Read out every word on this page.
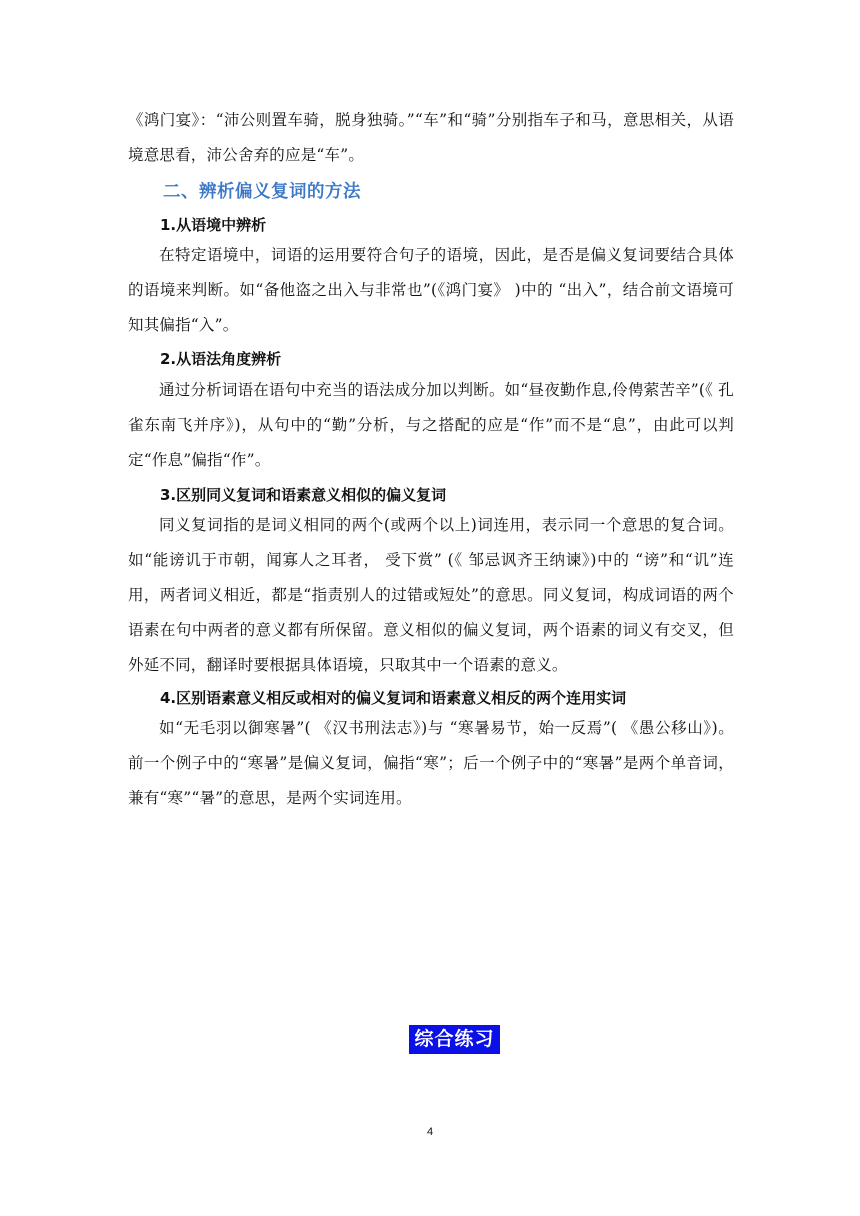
《鸿门宴》：“沛公则置车骑，脱身独骑。”“车”和“骑”分别指车子和马，意思相关，从语境意思看，沛公舍弃的应是“车”。
二、辨析偏义复词的方法
1.从语境中辨析
在特定语境中，词语的运用要符合句子的语境，因此，是否是偏义复词要结合具体的语境来判断。如“备他盗之出入与非常也”(《鸿门宴》 )中的 “出入”，结合前文语境可知其偏指“入”。
2.从语法角度辨析
通过分析词语在语句中充当的语法成分加以判断。如“昼夜勤作息,伶俜萦苦辛”(《 孔雀东南飞并序》)，从句中的“勤”分析，与之搭配的应是“作”而不是“息”，由此可以判定“作息”偏指“作”。
3.区别同义复词和语素意义相似的偏义复词
同义复词指的是词义相同的两个(或两个以上)词连用，表示同一个意思的复合词。如“能谤讥于市朝，闻寡人之耳者， 受下赏” (《 邹忌讽齐王纳谏》)中的 “谤”和“讥”连用，两者词义相近，都是“指责别人的过错或短处”的意思。同义复词，构成词语的两个语素在句中两者的意义都有所保留。意义相似的偏义复词，两个语素的词义有交叉，但外延不同，翻译时要根据具体语境，只取其中一个语素的意义。
4.区别语素意义相反或相对的偏义复词和语素意义相反的两个连用实词
如“无毛羽以御寒暑”( 《汉书刑法志》)与 “寒暑易节，始一反焉”( 《愚公移山》)。前一个例子中的“寒暑”是偏义复词，偏指“寒”；后一个例子中的“寒暑”是两个单音词，兼有“寒”“暑”的意思，是两个实词连用。
综合练习
4
